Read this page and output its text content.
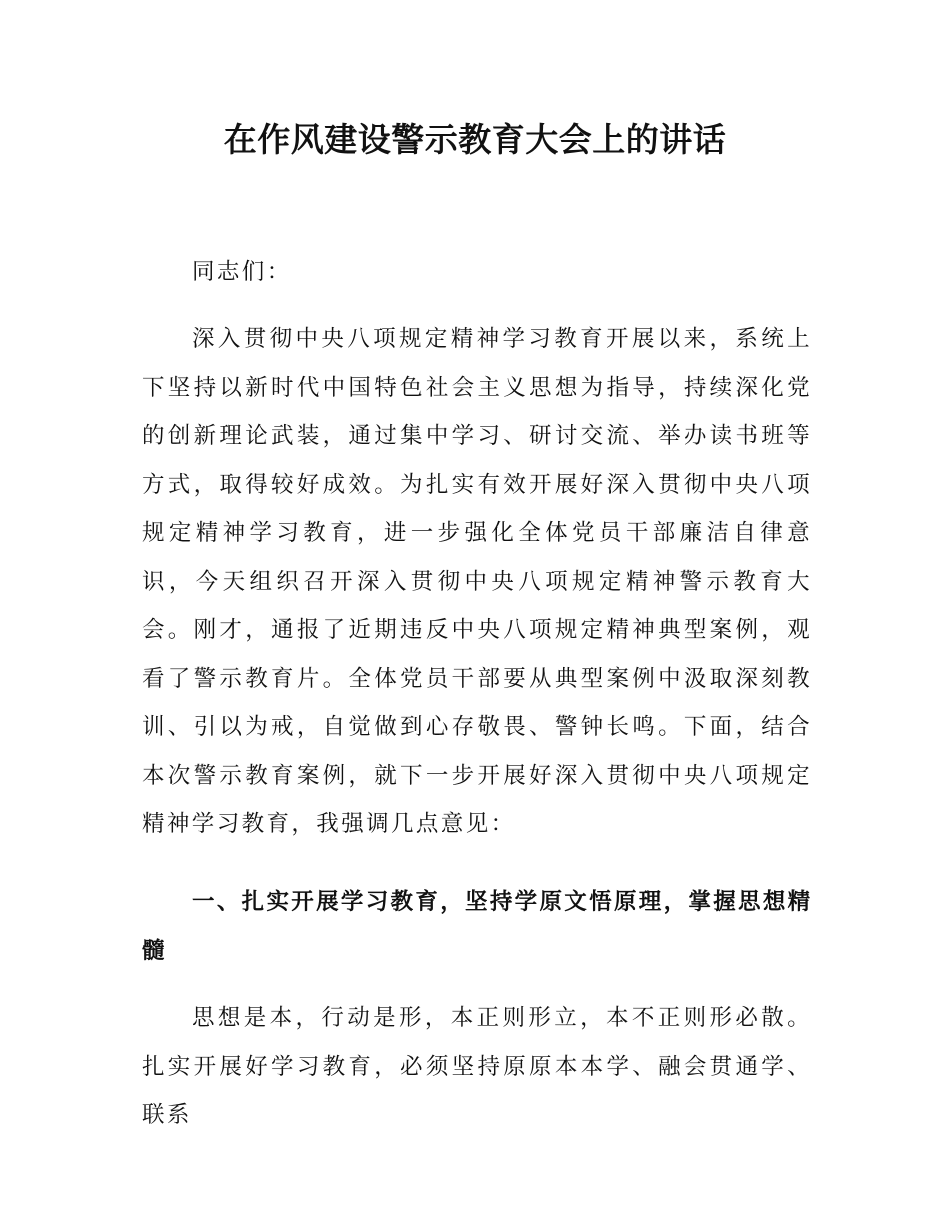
在作风建设警示教育大会上的讲话

同志们：

深入贯彻中央八项规定精神学习教育开展以来，系统上下坚持以新时代中国特色社会主义思想为指导，持续深化党的创新理论武装，通过集中学习、研讨交流、举办读书班等方式，取得较好成效。为扎实有效开展好深入贯彻中央八项规定精神学习教育，进一步强化全体党员干部廉洁自律意识，今天组织召开深入贯彻中央八项规定精神警示教育大会。刚才，通报了近期违反中央八项规定精神典型案例，观看了警示教育片。全体党员干部要从典型案例中汲取深刻教训、引以为戒，自觉做到心存敬畏、警钟长鸣。下面，结合本次警示教育案例，就下一步开展好深入贯彻中央八项规定精神学习教育，我强调几点意见：

一、扎实开展学习教育，坚持学原文悟原理，掌握思想精髓

思想是本，行动是形，本正则形立，本不正则形必散。扎实开展好学习教育，必须坚持原原本本学、融会贯通学、联系
